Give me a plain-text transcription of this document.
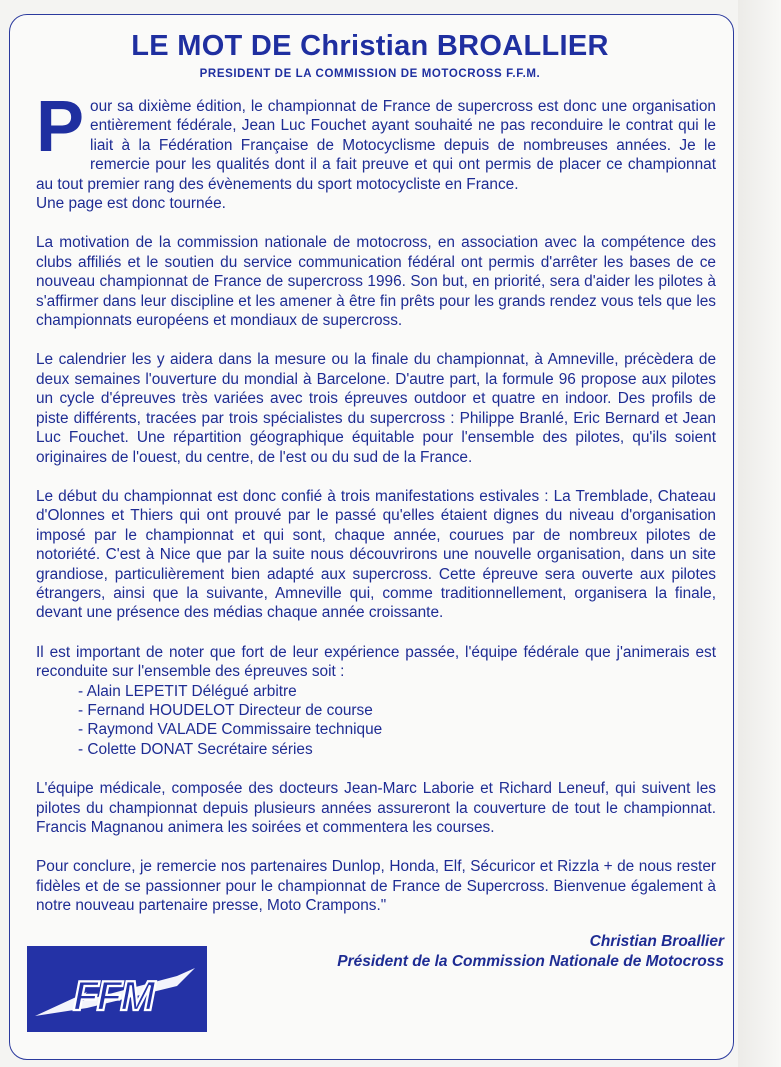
LE MOT DE Christian BROALLIER
PRESIDENT DE LA COMMISSION DE MOTOCROSS F.F.M.

Pour sa dixième édition, le championnat de France de supercross est donc une organisation entièrement fédérale, Jean Luc Fouchet ayant souhaité ne pas reconduire le contrat qui le liait à la Fédération Française de Motocyclisme depuis de nombreuses années. Je le remercie pour les qualités dont il a fait preuve et qui ont permis de placer ce championnat au tout premier rang des évènements du sport motocycliste en France.
Une page est donc tournée.

La motivation de la commission nationale de motocross, en association avec la compétence des clubs affiliés et le soutien du service communication fédéral ont permis d'arrêter les bases de ce nouveau championnat de France de supercross 1996. Son but, en priorité, sera d'aider les pilotes à s'affirmer dans leur discipline et les amener à être fin prêts pour les grands rendez vous tels que les championnats européens et mondiaux de supercross.

Le calendrier les y aidera dans la mesure ou la finale du championnat, à Amneville, précèdera de deux semaines l'ouverture du mondial à Barcelone. D'autre part, la formule 96 propose aux pilotes un cycle d'épreuves très variées avec trois épreuves outdoor et quatre en indoor. Des profils de piste différents, tracées par trois spécialistes du supercross : Philippe Branlé, Eric Bernard et Jean Luc Fouchet. Une répartition géographique équitable pour l'ensemble des pilotes, qu'ils soient originaires de l'ouest, du centre, de l'est ou du sud de la France.

Le début du championnat est donc confié à trois manifestations estivales : La Tremblade, Chateau d'Olonnes et Thiers qui ont prouvé par le passé qu'elles étaient dignes du niveau d'organisation imposé par le championnat et qui sont, chaque année, courues par de nombreux pilotes de notoriété. C'est à Nice que par la suite nous découvrirons une nouvelle organisation, dans un site grandiose, particulièrement bien adapté aux supercross. Cette épreuve sera ouverte aux pilotes étrangers, ainsi que la suivante, Amneville qui, comme traditionnellement, organisera la finale, devant une présence des médias chaque année croissante.

Il est important de noter que fort de leur expérience passée, l'équipe fédérale que j'animerais est reconduite sur l'ensemble des épreuves soit :

- Alain LEPETIT Délégué arbitre
- Fernand HOUDELOT Directeur de course
- Raymond VALADE Commissaire technique
- Colette DONAT Secrétaire séries

L'équipe médicale, composée des docteurs Jean-Marc Laborie et Richard Leneuf, qui suivent les pilotes du championnat depuis plusieurs années assureront la couverture de tout le championnat. Francis Magnanou animera les soirées et commentera les courses.

Pour conclure, je remercie nos partenaires Dunlop, Honda, Elf, Sécuricor et Rizzla + de nous rester fidèles et de se passionner pour le championnat de France de Supercross. Bienvenue également à notre nouveau partenaire presse, Moto Crampons."

FFM
Christian Broallier
Président de la Commission Nationale de Motocross
